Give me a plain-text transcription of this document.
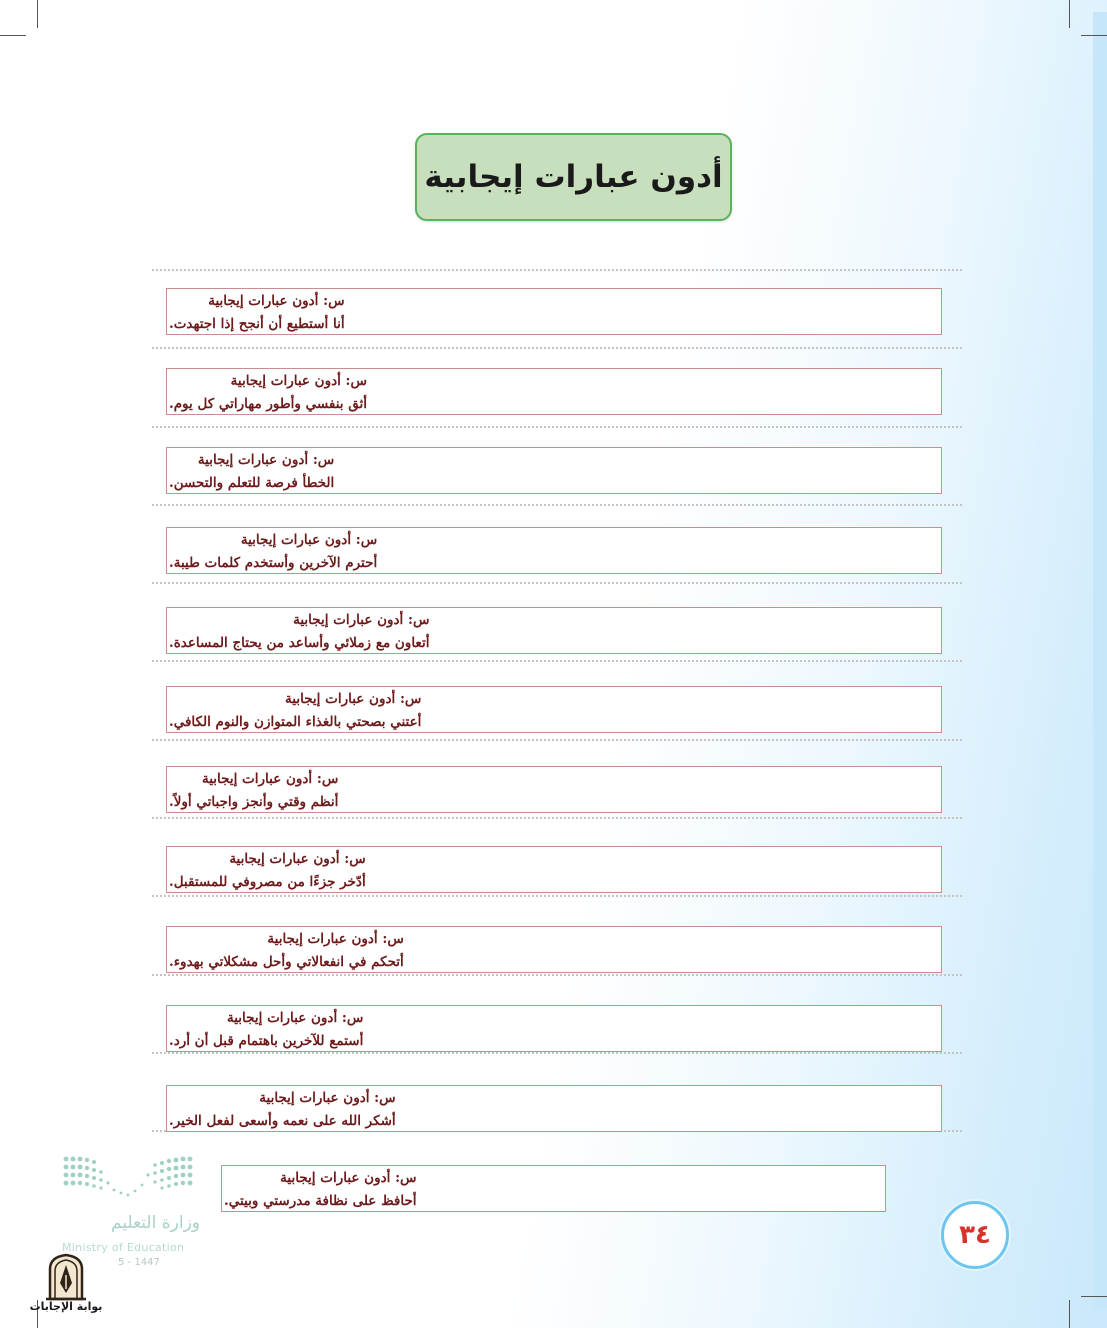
أدون عبارات إيجابية
س: أدون عبارات إيجابية
أنا أستطيع أن أنجح إذا اجتهدت.
س: أدون عبارات إيجابية
أثق بنفسي وأطور مهاراتي كل يوم.
س: أدون عبارات إيجابية
الخطأ فرصة للتعلم والتحسن.
س: أدون عبارات إيجابية
أحترم الآخرين وأستخدم كلمات طيبة.
س: أدون عبارات إيجابية
أتعاون مع زملائي وأساعد من يحتاج المساعدة.
س: أدون عبارات إيجابية
أعتني بصحتي بالغذاء المتوازن والنوم الكافي.
س: أدون عبارات إيجابية
أنظم وقتي وأنجز واجباتي أولاً.
س: أدون عبارات إيجابية
أدّخر جزءًا من مصروفي للمستقبل.
س: أدون عبارات إيجابية
أتحكم في انفعالاتي وأحل مشكلاتي بهدوء.
س: أدون عبارات إيجابية
أستمع للآخرين باهتمام قبل أن أرد.
س: أدون عبارات إيجابية
أشكر الله على نعمه وأسعى لفعل الخير.
س: أدون عبارات إيجابية
أحافظ على نظافة مدرستي وبيتي.
وزارة التعليم
Ministry of Education
5 - 1447
بوابة الإجابات
٣٤
